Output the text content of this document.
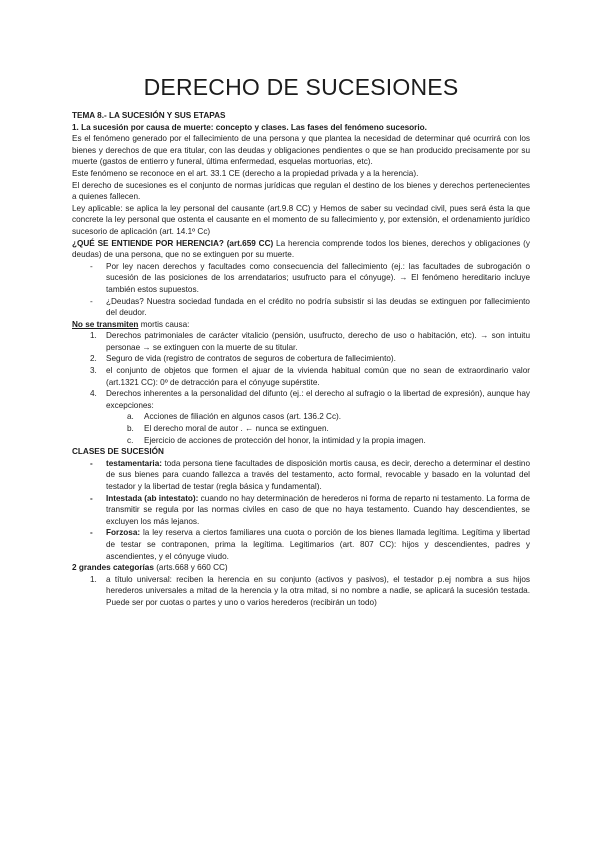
DERECHO DE SUCESIONES

TEMA 8.- LA SUCESIÓN Y SUS ETAPAS

1. La sucesión por causa de muerte: concepto y clases. Las fases del fenómeno sucesorio.

Es el fenómeno generado por el fallecimiento de una persona y que plantea la necesidad de determinar qué ocurrirá con los bienes y derechos de que era titular, con las deudas y obligaciones pendientes o que se han producido precisamente por su muerte (gastos de entierro y funeral, última enfermedad, esquelas mortuorias, etc).

Este fenómeno se reconoce en el art. 33.1 CE (derecho a la propiedad privada y a la herencia).

El derecho de sucesiones es el conjunto de normas jurídicas que regulan el destino de los bienes y derechos pertenecientes a quienes fallecen.

Ley aplicable: se aplica la ley personal del causante (art.9.8 CC) y Hemos de saber su vecindad civil, pues será ésta la que concrete la ley personal que ostenta el causante en el momento de su fallecimiento y, por extensión, el ordenamiento jurídico sucesorio de aplicación (art. 14.1º Cc)

¿QUÉ SE ENTIENDE POR HERENCIA? (art.659 CC) La herencia comprende todos los bienes, derechos y obligaciones (y deudas) de una persona, que no se extinguen por su muerte.

- Por ley nacen derechos y facultades como consecuencia del fallecimiento (ej.: las facultades de subrogación o sucesión de las posiciones de los arrendatarios; usufructo para el cónyuge). → El fenómeno hereditario incluye también estos supuestos.
- ¿Deudas? Nuestra sociedad fundada en el crédito no podría subsistir si las deudas se extinguen por fallecimiento del deudor.

No se transmiten mortis causa:

1. Derechos patrimoniales de carácter vitalicio (pensión, usufructo, derecho de uso o habitación, etc). → son intuitu personae → se extinguen con la muerte de su titular.
2. Seguro de vida (registro de contratos de seguros de cobertura de fallecimiento).
3. el conjunto de objetos que formen el ajuar de la vivienda habitual común que no sean de extraordinario valor (art.1321 CC): 0º de detracción para el cónyuge supérstite.
4. Derechos inherentes a la personalidad del difunto (ej.: el derecho al sufragio o la libertad de expresión), aunque hay excepciones:
a. Acciones de filiación en algunos casos (art. 136.2 Cc).
b. El derecho moral de autor . ← nunca se extinguen.
c. Ejercicio de acciones de protección del honor, la intimidad y la propia imagen.

CLASES DE SUCESIÓN

- testamentaria: toda persona tiene facultades de disposición mortis causa, es decir, derecho a determinar el destino de sus bienes para cuando fallezca a través del testamento, acto formal, revocable y basado en la voluntad del testador y la libertad de testar (regla básica y fundamental).
- Intestada (ab intestato): cuando no hay determinación de herederos ni forma de reparto ni testamento. La forma de transmitir se regula por las normas civiles en caso de que no haya testamento. Cuando hay descendientes, se excluyen los más lejanos.
- Forzosa: la ley reserva a ciertos familiares una cuota o porción de los bienes llamada legítima. Legítima y libertad de testar se contraponen, prima la legítima. Legitimarios (art. 807 CC): hijos y descendientes, padres y ascendientes, y el cónyuge viudo.

2 grandes categorías (arts.668 y 660 CC)

1. a título universal: reciben la herencia en su conjunto (activos y pasivos), el testador p.ej nombra a sus hijos herederos universales a mitad de la herencia y la otra mitad, si no nombre a nadie, se aplicará la sucesión testada. Puede ser por cuotas o partes y uno o varios herederos (recibirán un todo)
